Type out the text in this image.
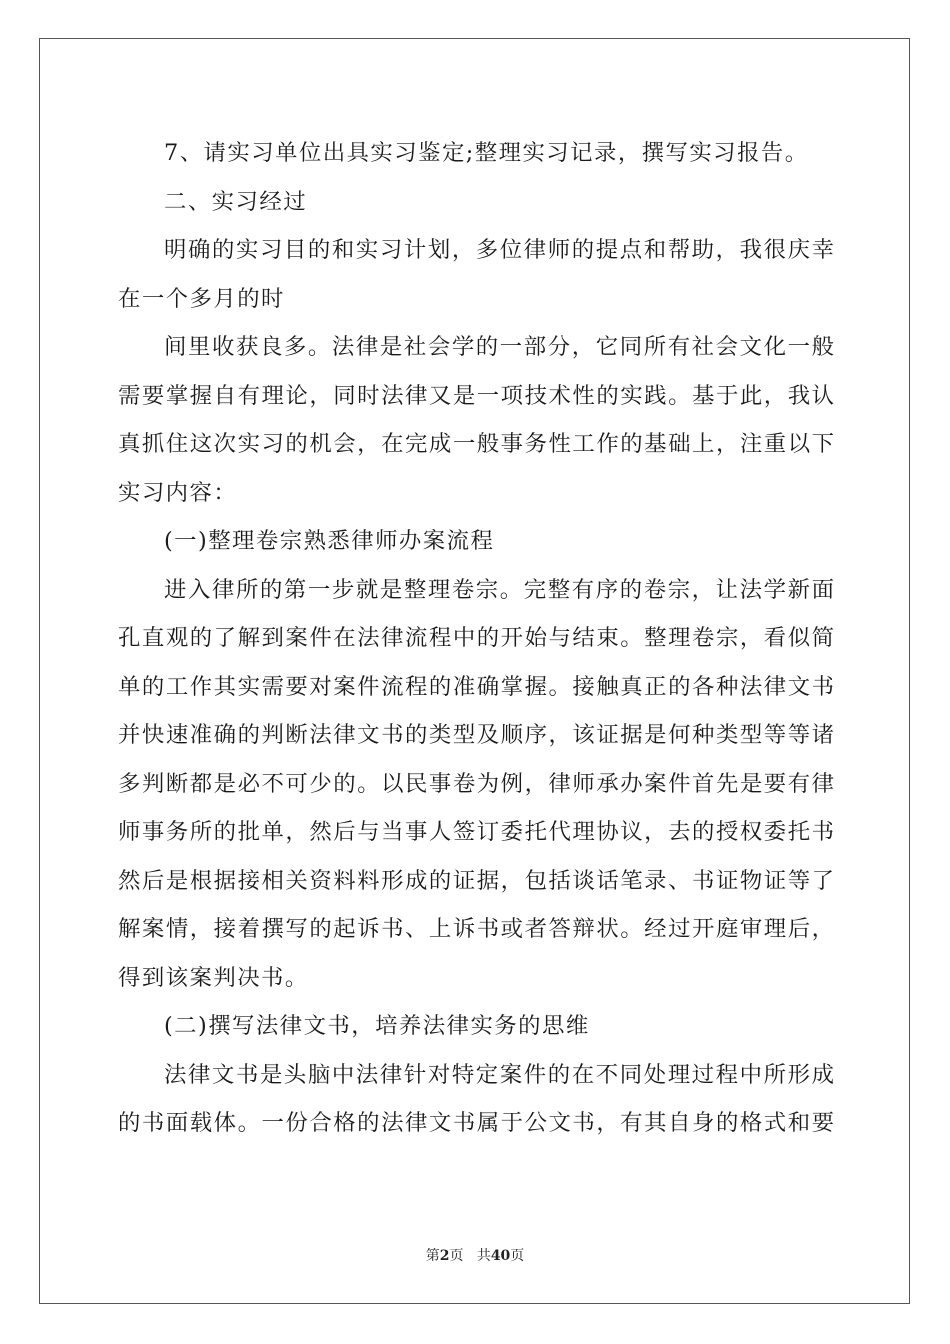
7、请实习单位出具实习鉴定;整理实习记录，撰写实习报告。
二、实习经过
明确的实习目的和实习计划，多位律师的提点和帮助，我很庆幸
在一个多月的时
间里收获良多。法律是社会学的一部分，它同所有社会文化一般
需要掌握自有理论，同时法律又是一项技术性的实践。基于此，我认
真抓住这次实习的机会，在完成一般事务性工作的基础上，注重以下
实习内容：
(一)整理卷宗熟悉律师办案流程
进入律所的第一步就是整理卷宗。完整有序的卷宗，让法学新面
孔直观的了解到案件在法律流程中的开始与结束。整理卷宗，看似简
单的工作其实需要对案件流程的准确掌握。接触真正的各种法律文书
并快速准确的判断法律文书的类型及顺序，该证据是何种类型等等诸
多判断都是必不可少的。以民事卷为例，律师承办案件首先是要有律
师事务所的批单，然后与当事人签订委托代理协议，去的授权委托书
然后是根据接相关资料料形成的证据，包括谈话笔录、书证物证等了
解案情，接着撰写的起诉书、上诉书或者答辩状。经过开庭审理后，
得到该案判决书。
(二)撰写法律文书，培养法律实务的思维
法律文书是头脑中法律针对特定案件的在不同处理过程中所形成
的书面载体。一份合格的法律文书属于公文书，有其自身的格式和要
第2页 共40页
